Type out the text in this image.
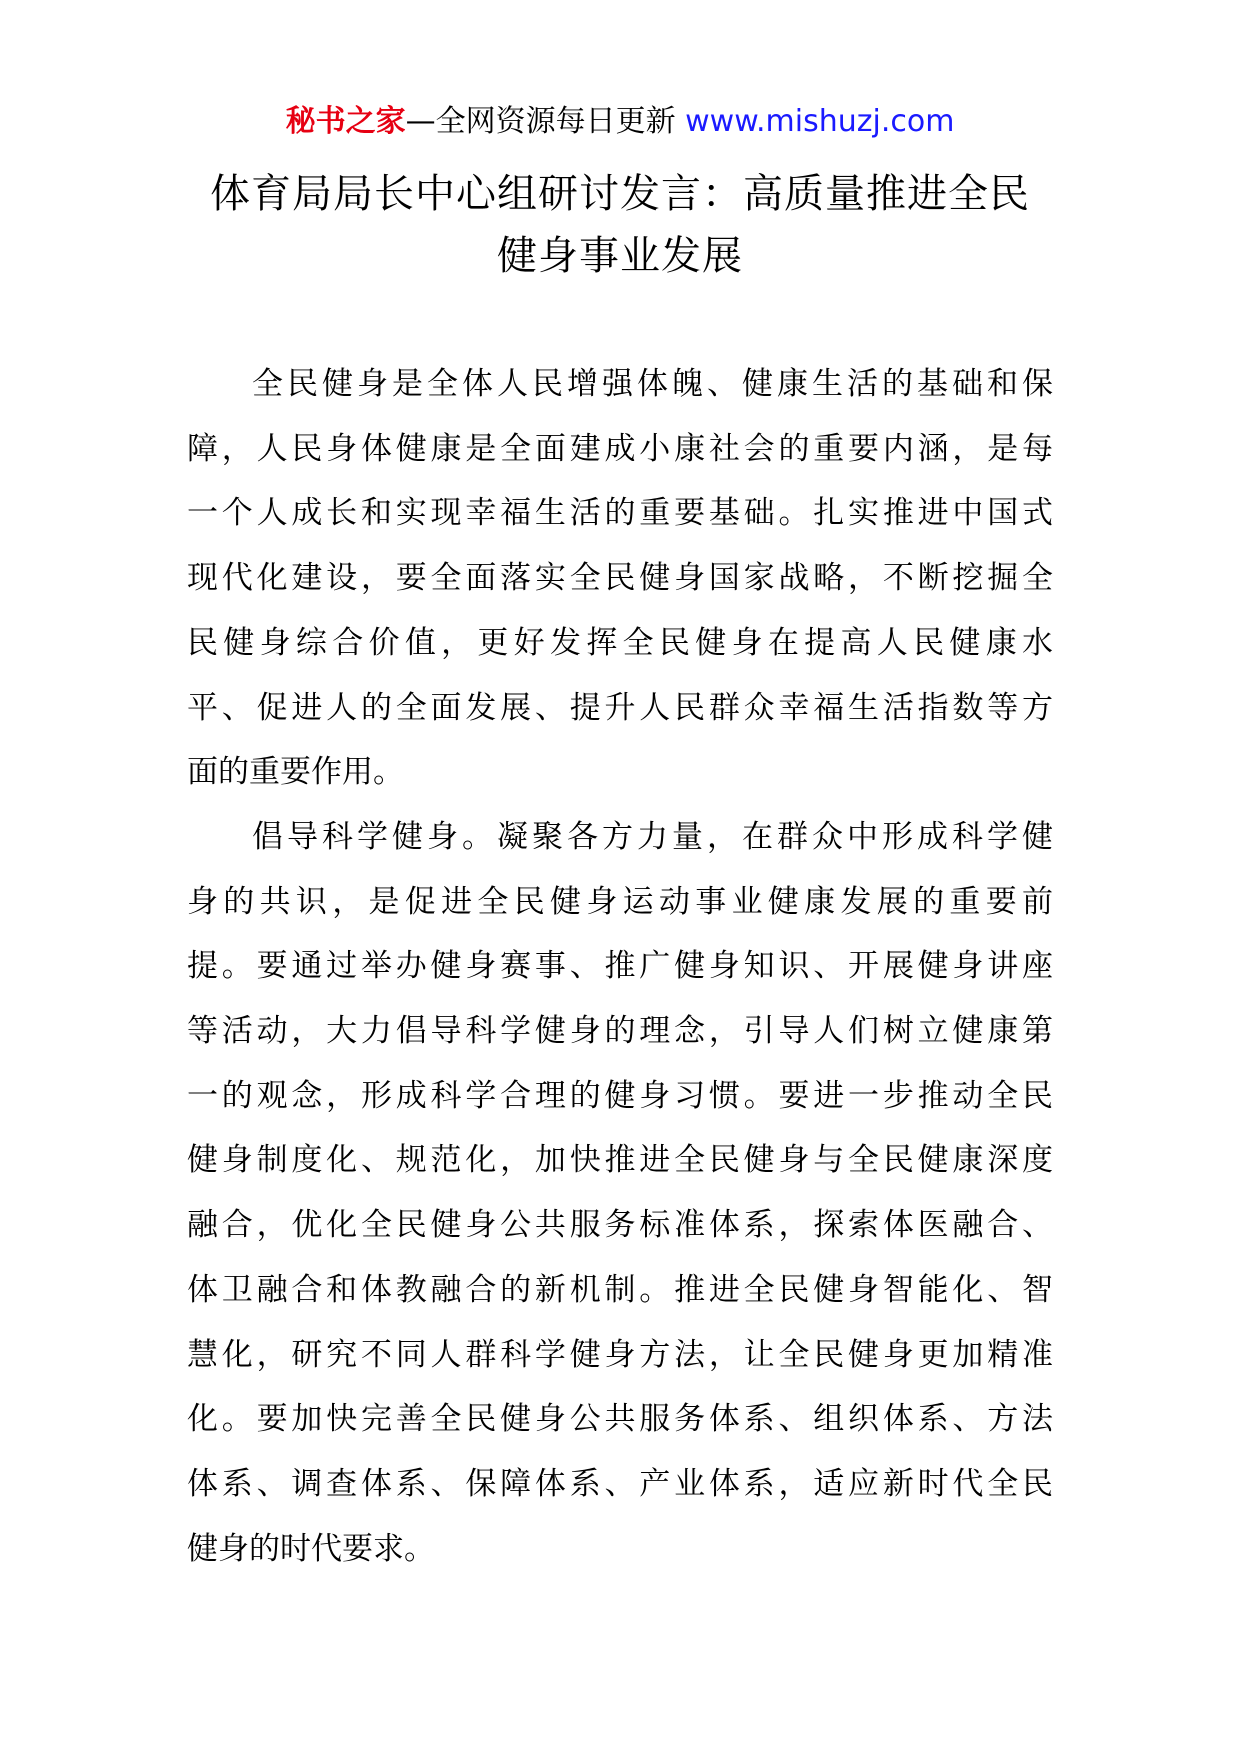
秘书之家—全网资源每日更新 www.mishuzj.com
体育局局长中心组研讨发言：高质量推进全民
健身事业发展
全民健身是全体人民增强体魄、健康生活的基础和保
障，人民身体健康是全面建成小康社会的重要内涵，是每
一个人成长和实现幸福生活的重要基础。扎实推进中国式
现代化建设，要全面落实全民健身国家战略，不断挖掘全
民健身综合价值，更好发挥全民健身在提高人民健康水
平、促进人的全面发展、提升人民群众幸福生活指数等方
面的重要作用。
倡导科学健身。凝聚各方力量，在群众中形成科学健
身的共识，是促进全民健身运动事业健康发展的重要前
提。要通过举办健身赛事、推广健身知识、开展健身讲座
等活动，大力倡导科学健身的理念，引导人们树立健康第
一的观念，形成科学合理的健身习惯。要进一步推动全民
健身制度化、规范化，加快推进全民健身与全民健康深度
融合，优化全民健身公共服务标准体系，探索体医融合、
体卫融合和体教融合的新机制。推进全民健身智能化、智
慧化，研究不同人群科学健身方法，让全民健身更加精准
化。要加快完善全民健身公共服务体系、组织体系、方法
体系、调查体系、保障体系、产业体系，适应新时代全民
健身的时代要求。
